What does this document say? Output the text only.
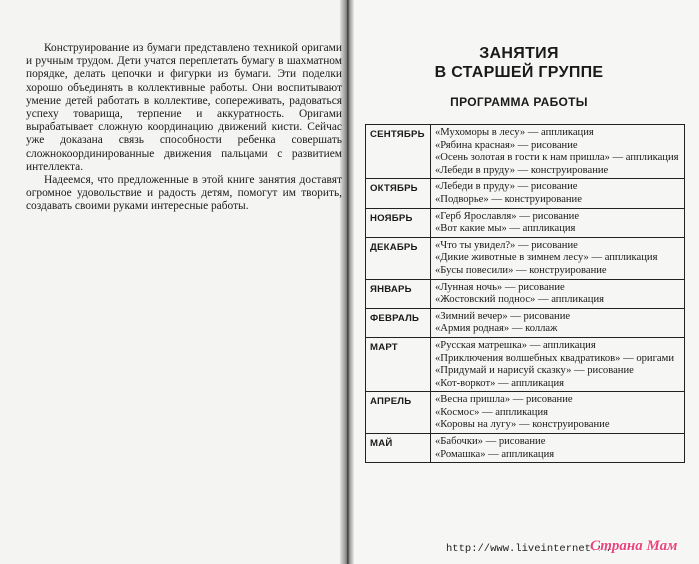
Конструирование из бумаги представлено техникой оригами и ручным трудом. Дети учатся переплетать бумагу в шахматном порядке, делать цепочки и фигурки из бумаги. Эти поделки хорошо объединять в коллективные работы. Они воспитывают умение детей работать в коллективе, сопереживать, радоваться успеху товарища, терпение и аккуратность. Оригами вырабатывает сложную координацию движений кисти. Сейчас уже доказана связь способности ребенка совершать сложнокоординированные движения пальцами с развитием интеллекта.

Надеемся, что предложенные в этой книге занятия доставят огромное удовольствие и радость детям, помогут им творить, создавать своими руками интересные работы.

ЗАНЯТИЯ
В СТАРШЕЙ ГРУППЕ
ПРОГРАММА РАБОТЫ
СЕНТЯБРЬ	«Мухоморы в лесу» — аппликация
«Рябина красная» — рисование
«Осень золотая в гости к нам пришла» — аппликация
«Лебеди в пруду» — конструирование

ОКТЯБРЬ	«Лебеди в пруду» — рисование
«Подворье» — конструирование

НОЯБРЬ	«Герб Ярославля» — рисование
«Вот какие мы» — аппликация

ДЕКАБРЬ	«Что ты увидел?» — рисование
«Дикие животные в зимнем лесу» — аппликация
«Бусы повесили» — конструирование

ЯНВАРЬ	«Лунная ночь» — рисование
«Жостовский поднос» — аппликация

ФЕВРАЛЬ	«Зимний вечер» — рисование
«Армия родная» — коллаж

МАРТ	«Русская матрешка» — аппликация
«Приключения волшебных квадратиков» — оригами
«Придумай и нарисуй сказку» — рисование
«Кот-воркот» — аппликация

АПРЕЛЬ	«Весна пришла» — рисование
«Космос» — аппликация
«Коровы на лугу» — конструирование

МАЙ	«Бабочки» — рисование
«Ромашка» — аппликация
http://www.liveinternet.ru
Страна Мам
